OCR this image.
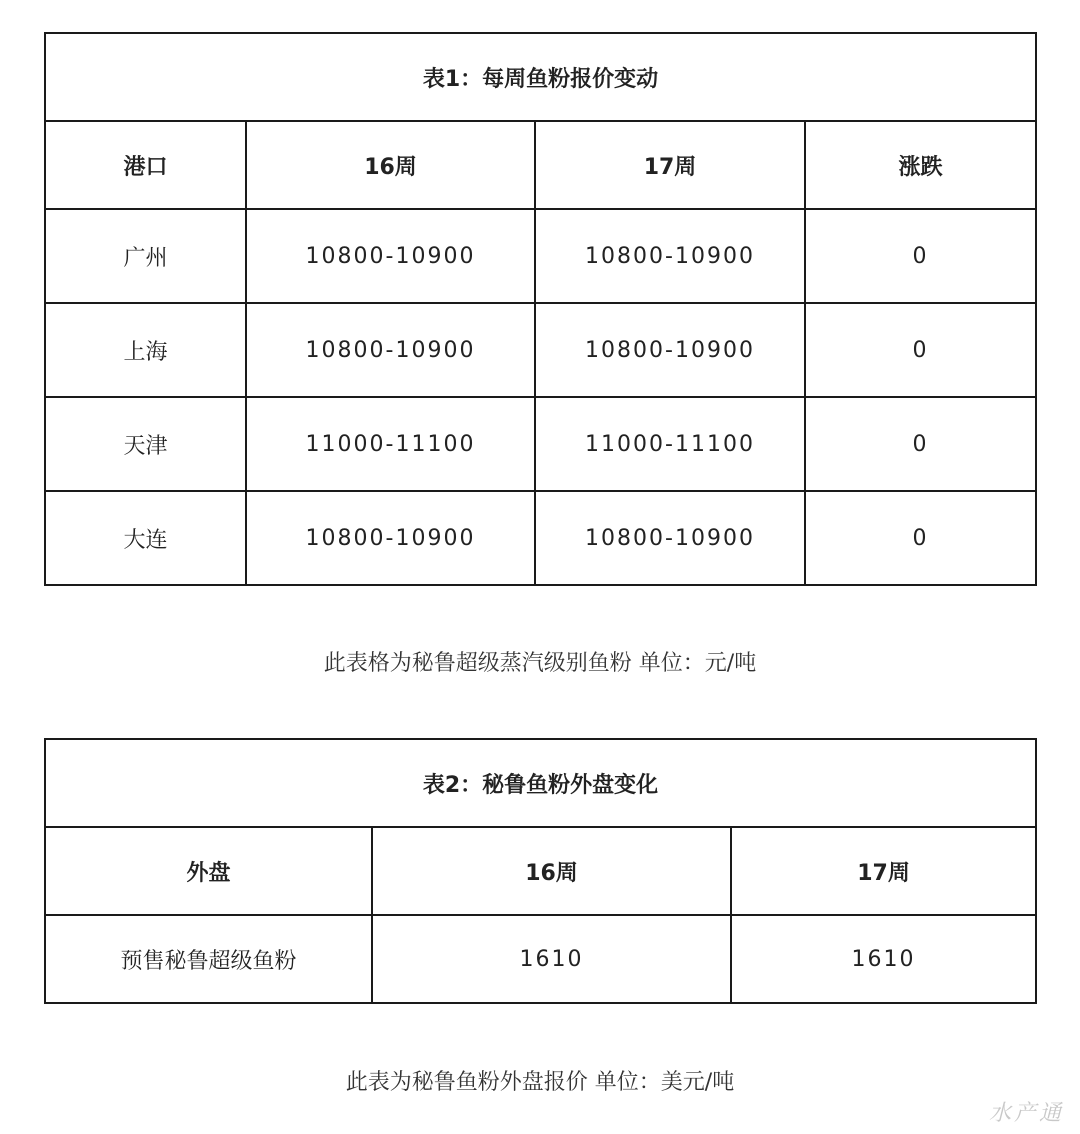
表1：每周鱼粉报价变动			
港口	16周	17周	涨跌
广州	10800-10900	10800-10900	0
上海	10800-10900	10800-10900	0
天津	11000-11100	11000-11100	0
大连	10800-10900	10800-10900	0
此表格为秘鲁超级蒸汽级别鱼粉 单位：元/吨
表2：秘鲁鱼粉外盘变化		
外盘	16周	17周
预售秘鲁超级鱼粉	1610	1610
此表为秘鲁鱼粉外盘报价 单位：美元/吨
水产通
